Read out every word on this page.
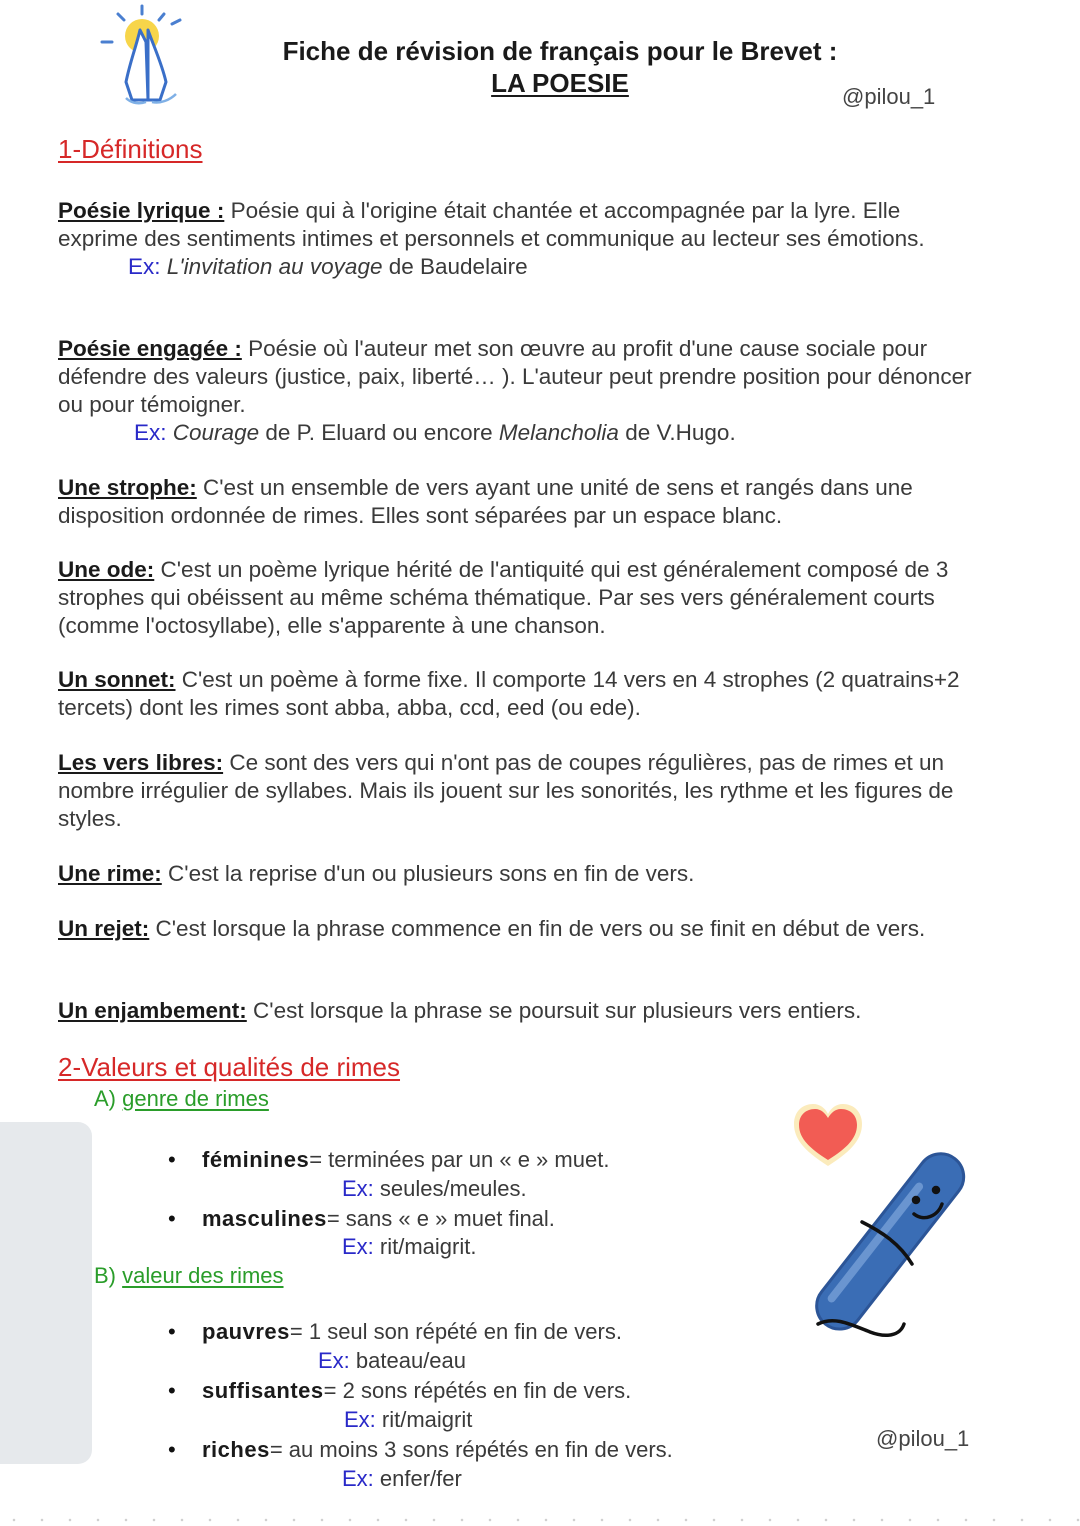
Fiche de révision de français pour le Brevet :
LA POESIE	@pilou_1
1-Définitions
Poésie lyrique : Poésie qui à l'origine était chantée et accompagnée par la lyre. Elle exprime des sentiments intimes et personnels et communique au lecteur ses émotions.
Ex: L'invitation au voyage de Baudelaire
Poésie engagée : Poésie où l'auteur met son œuvre au profit d'une cause sociale pour défendre des valeurs (justice, paix, liberté… ). L'auteur peut prendre position pour dénoncer ou pour témoigner.
Ex: Courage de P. Eluard ou encore Melancholia de V.Hugo.
Une strophe: C'est un ensemble de vers ayant une unité de sens et rangés dans une disposition ordonnée de rimes. Elles sont séparées par un espace blanc.
Une ode: C'est un poème lyrique hérité de l'antiquité qui est généralement composé de 3 strophes qui obéissent au même schéma thématique. Par ses vers généralement courts (comme l'octosyllabe), elle s'apparente à une chanson.
Un sonnet: C'est un poème à forme fixe. Il comporte 14 vers en 4 strophes (2 quatrains+2 tercets) dont les rimes sont abba, abba, ccd, eed (ou ede).
Les vers libres: Ce sont des vers qui n'ont pas de coupes régulières, pas de rimes et un nombre irrégulier de syllabes. Mais ils jouent sur les sonorités, les rythme et les figures de styles.
Une rime: C'est la reprise d'un ou plusieurs sons en fin de vers.
Un rejet: C'est lorsque la phrase commence en fin de vers ou se finit en début de vers.
Un enjambement: C'est lorsque la phrase se poursuit sur plusieurs vers entiers.
2-Valeurs et qualités de rimes
A) genre de rimes
• féminines= terminées par un « e » muet.
Ex: seules/meules.
• masculines= sans « e » muet final.
Ex: rit/maigrit.
B) valeur des rimes
• pauvres= 1 seul son répété en fin de vers.
Ex: bateau/eau
• suffisantes= 2 sons répétés en fin de vers.
Ex: rit/maigrit
• riches= au moins 3 sons répétés en fin de vers.
Ex: enfer/fer
@pilou_1
